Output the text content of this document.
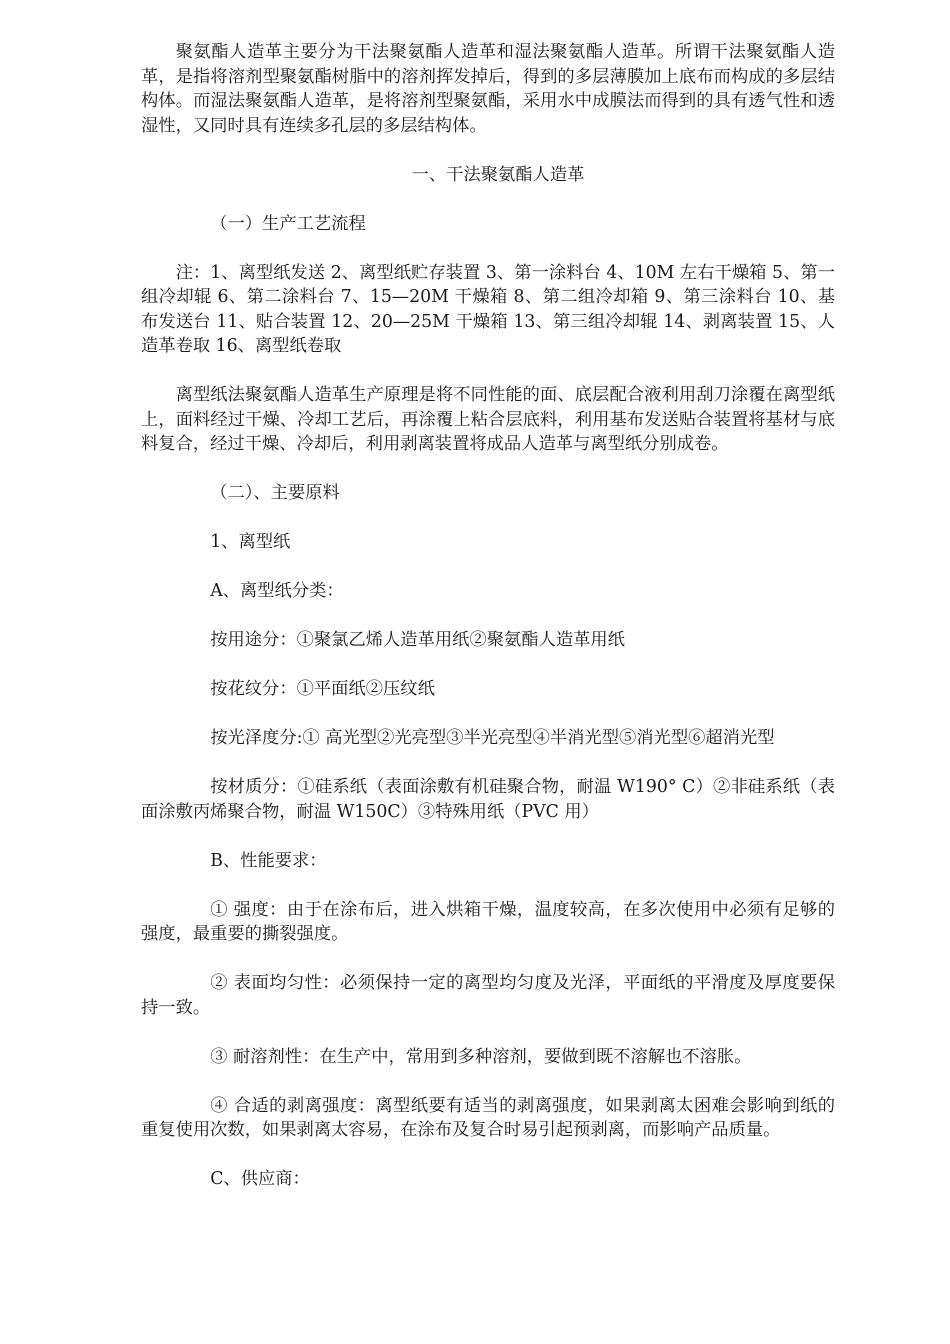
聚氨酯人造革主要分为干法聚氨酯人造革和湿法聚氨酯人造革。所谓干法聚氨酯人造革，是指将溶剂型聚氨酯树脂中的溶剂挥发掉后，得到的多层薄膜加上底布而构成的多层结构体。而湿法聚氨酯人造革，是将溶剂型聚氨酯，采用水中成膜法而得到的具有透气性和透湿性，又同时具有连续多孔层的多层结构体。

一、干法聚氨酯人造革

（一）生产工艺流程

注：1、离型纸发送 2、离型纸贮存装置 3、第一涂料台 4、10M 左右干燥箱 5、第一组冷却辊 6、第二涂料台 7、15—20M 干燥箱 8、第二组冷却箱 9、第三涂料台 10、基布发送台 11、贴合装置 12、20—25M 干燥箱 13、第三组冷却辊 14、剥离装置 15、人造革卷取 16、离型纸卷取

离型纸法聚氨酯人造革生产原理是将不同性能的面、底层配合液利用刮刀涂覆在离型纸上，面料经过干燥、冷却工艺后，再涂覆上粘合层底料，利用基布发送贴合装置将基材与底料复合，经过干燥、冷却后，利用剥离装置将成品人造革与离型纸分别成卷。

（二）、主要原料

1、离型纸

A、离型纸分类：

按用途分：①聚氯乙烯人造革用纸②聚氨酯人造革用纸

按花纹分：①平面纸②压纹纸

按光泽度分:① 高光型②光亮型③半光亮型④半消光型⑤消光型⑥超消光型

按材质分：①硅系纸（表面涂敷有机硅聚合物，耐温 W190° C）②非硅系纸（表面涂敷丙烯聚合物，耐温 W150C）③特殊用纸（PVC 用）

B、性能要求：

① 强度：由于在涂布后，进入烘箱干燥，温度较高，在多次使用中必须有足够的强度，最重要的撕裂强度。

② 表面均匀性：必须保持一定的离型均匀度及光泽，平面纸的平滑度及厚度要保持一致。

③ 耐溶剂性：在生产中，常用到多种溶剂，要做到既不溶解也不溶胀。

④ 合适的剥离强度：离型纸要有适当的剥离强度，如果剥离太困难会影响到纸的重复使用次数，如果剥离太容易，在涂布及复合时易引起预剥离，而影响产品质量。

C、供应商：
